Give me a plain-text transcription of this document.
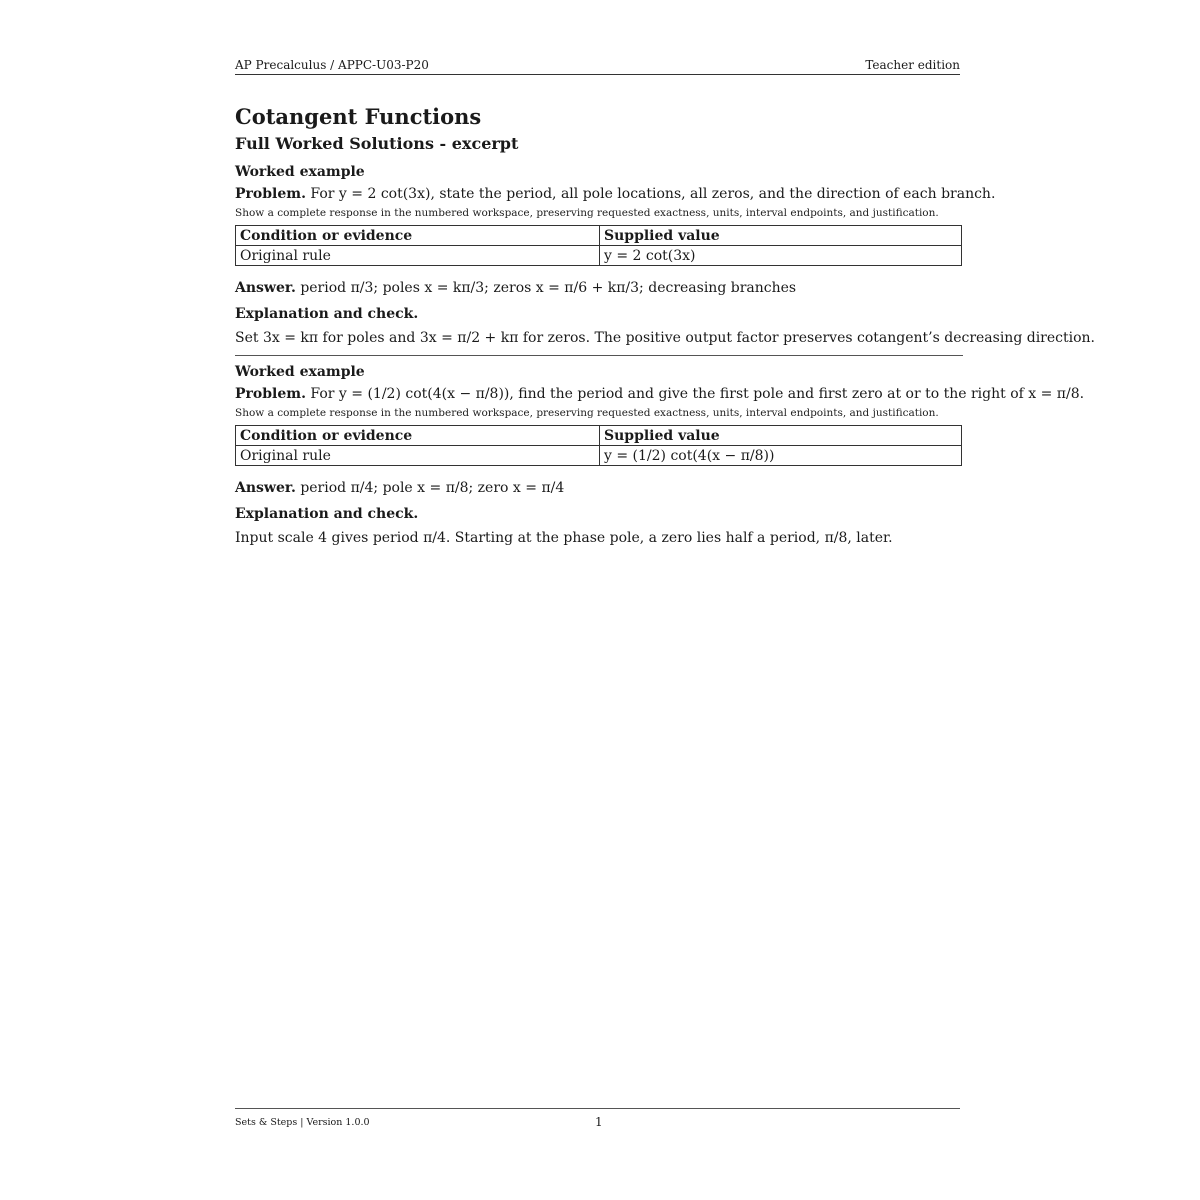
AP Precalculus / APPC-U03-P20	Teacher edition
Cotangent Functions
Full Worked Solutions - excerpt
Worked example
Problem. For y = 2 cot(3x), state the period, all pole locations, all zeros, and the direction of each branch.
Show a complete response in the numbered workspace, preserving requested exactness, units, interval endpoints, and justification.
Condition or evidence	Supplied value
Original rule	y = 2 cot(3x)
Answer. period π/3; poles x = kπ/3; zeros x = π/6 + kπ/3; decreasing branches
Explanation and check.
Set 3x = kπ for poles and 3x = π/2 + kπ for zeros. The positive output factor preserves cotangent’s decreasing direction.
Worked example
Problem. For y = (1/2) cot(4(x − π/8)), find the period and give the first pole and first zero at or to the right of x = π/8.
Show a complete response in the numbered workspace, preserving requested exactness, units, interval endpoints, and justification.
Condition or evidence	Supplied value
Original rule	y = (1/2) cot(4(x − π/8))
Answer. period π/4; pole x = π/8; zero x = π/4
Explanation and check.
Input scale 4 gives period π/4. Starting at the phase pole, a zero lies half a period, π/8, later.
Sets & Steps | Version 1.0.0	1
